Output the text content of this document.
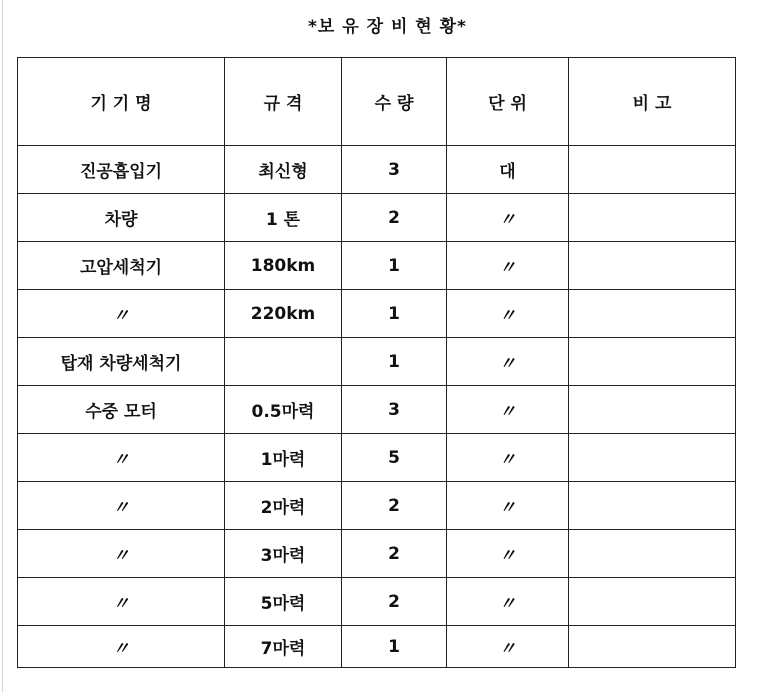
*보 유 장 비 현 황*
기 기 명	규 격	수 량	단 위	비 고
진공흡입기	최신형	3	대	
차량	1 톤	2	〃	
고압세척기	180km	1	〃	
〃	220km	1	〃	
탑재 차량세척기		1	〃	
수중 모터	0.5마력	3	〃	
〃	1마력	5	〃	
〃	2마력	2	〃	
〃	3마력	2	〃	
〃	5마력	2	〃	
〃	7마력	1	〃	
